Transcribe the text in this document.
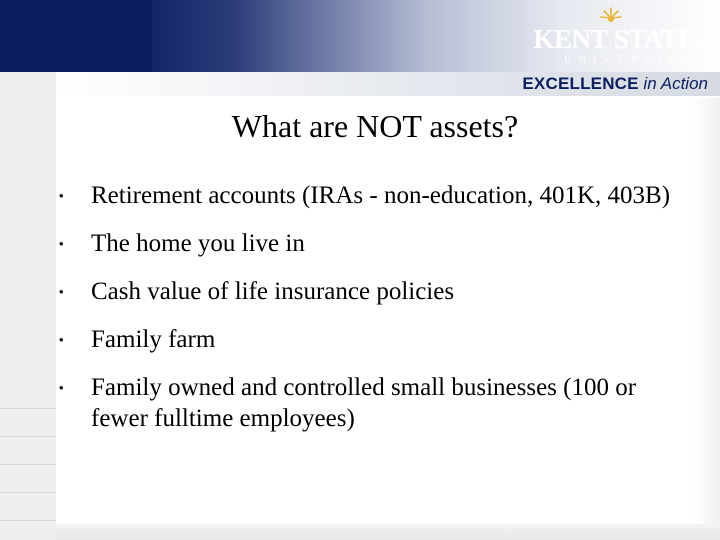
KENT STATE.
UNIVERSITY
EXCELLENCE in Action
What are NOT assets?
• Retirement accounts (IRAs - non-education, 401K, 403B)
• The home you live in
• Cash value of life insurance policies
• Family farm
• Family owned and controlled small businesses (100 or fewer fulltime employees)
